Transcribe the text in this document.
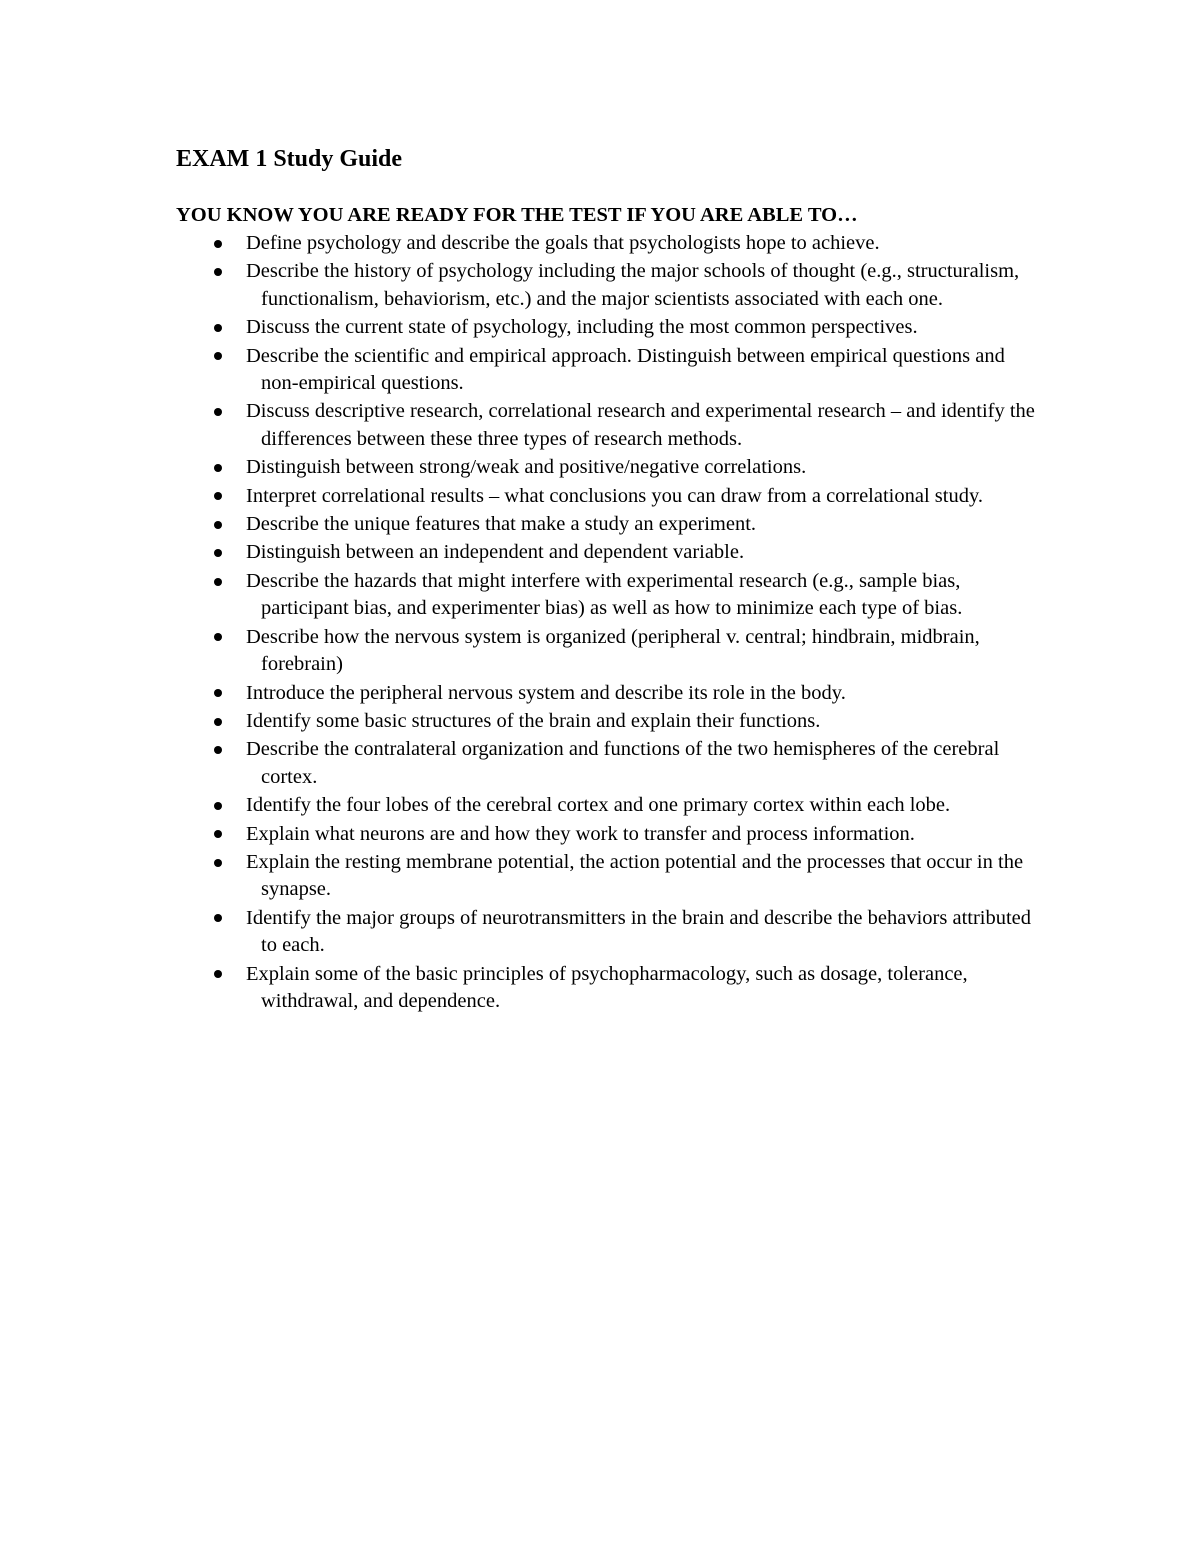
EXAM 1 Study Guide
YOU KNOW YOU ARE READY FOR THE TEST IF YOU ARE ABLE TO…
Define psychology and describe the goals that psychologists hope to achieve.
Describe the history of psychology including the major schools of thought (e.g., structuralism, functionalism, behaviorism, etc.) and the major scientists associated with each one.
Discuss the current state of psychology, including the most common perspectives.
Describe the scientific and empirical approach. Distinguish between empirical questions and non-empirical questions.
Discuss descriptive research, correlational research and experimental research – and identify the differences between these three types of research methods.
Distinguish between strong/weak and positive/negative correlations.
Interpret correlational results – what conclusions you can draw from a correlational study.
Describe the unique features that make a study an experiment.
Distinguish between an independent and dependent variable.
Describe the hazards that might interfere with experimental research (e.g., sample bias, participant bias, and experimenter bias) as well as how to minimize each type of bias.
Describe how the nervous system is organized (peripheral v. central; hindbrain, midbrain, forebrain)
Introduce the peripheral nervous system and describe its role in the body.
Identify some basic structures of the brain and explain their functions.
Describe the contralateral organization and functions of the two hemispheres of the cerebral cortex.
Identify the four lobes of the cerebral cortex and one primary cortex within each lobe.
Explain what neurons are and how they work to transfer and process information.
Explain the resting membrane potential, the action potential and the processes that occur in the synapse.
Identify the major groups of neurotransmitters in the brain and describe the behaviors attributed to each.
Explain some of the basic principles of psychopharmacology, such as dosage, tolerance, withdrawal, and dependence.
